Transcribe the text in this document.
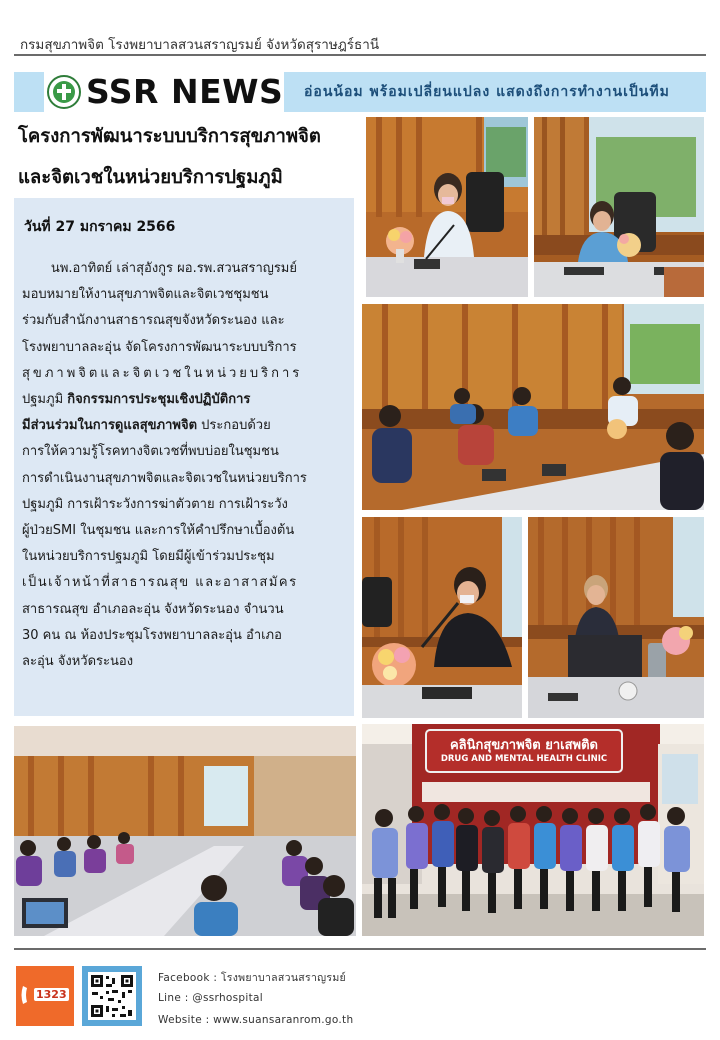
กรมสุขภาพจิต โรงพยาบาลสวนสราญรมย์ จังหวัดสุราษฎร์ธานี
SSR NEWS อ่อนน้อม พร้อมเปลี่ยนแปลง แสดงถึงการทำงานเป็นทีม
โครงการพัฒนาระบบบริการสุขภาพจิต
และจิตเวชในหน่วยบริการปฐมภูมิ
วันที่ 27 มกราคม 2566
นพ.อาทิตย์ เล่าสุอังกูร ผอ.รพ.สวนสราญรมย์
มอบหมายให้งานสุขภาพจิตและจิตเวชชุมชน
ร่วมกับสำนักงานสาธารณสุขจังหวัดระนอง และ
โรงพยาบาลละอุ่น จัดโครงการพัฒนาระบบบริการ
สุขภาพจิตและจิตเวชในหน่วยบริการ
ปฐมภูมิ กิจกรรมการประชุมเชิงปฏิบัติการ
มีส่วนร่วมในการดูแลสุขภาพจิต ประกอบด้วย
การให้ความรู้โรคทางจิตเวชที่พบบ่อยในชุมชน
การดำเนินงานสุขภาพจิตและจิตเวชในหน่วยบริการ
ปฐมภูมิ การเฝ้าระวังการฆ่าตัวตาย การเฝ้าระวัง
ผู้ป่วยSMI ในชุมชน และการให้คำปรึกษาเบื้องต้น
ในหน่วยบริการปฐมภูมิ โดยมีผู้เข้าร่วมประชุม
เป็นเจ้าหน้าที่สาธารณสุข และอาสาสมัคร
สาธารณสุข อำเภอละอุ่น จังหวัดระนอง จำนวน
30 คน ณ ห้องประชุมโรงพยาบาลละอุ่น อำเภอ
ละอุ่น จังหวัดระนอง
คลินิกสุขภาพจิต ยาเสพติด
DRUG AND MENTAL HEALTH CLINIC
1323
Facebook : โรงพยาบาลสวนสราญรมย์
Line : @ssrhospital
Website : www.suansaranrom.go.th
